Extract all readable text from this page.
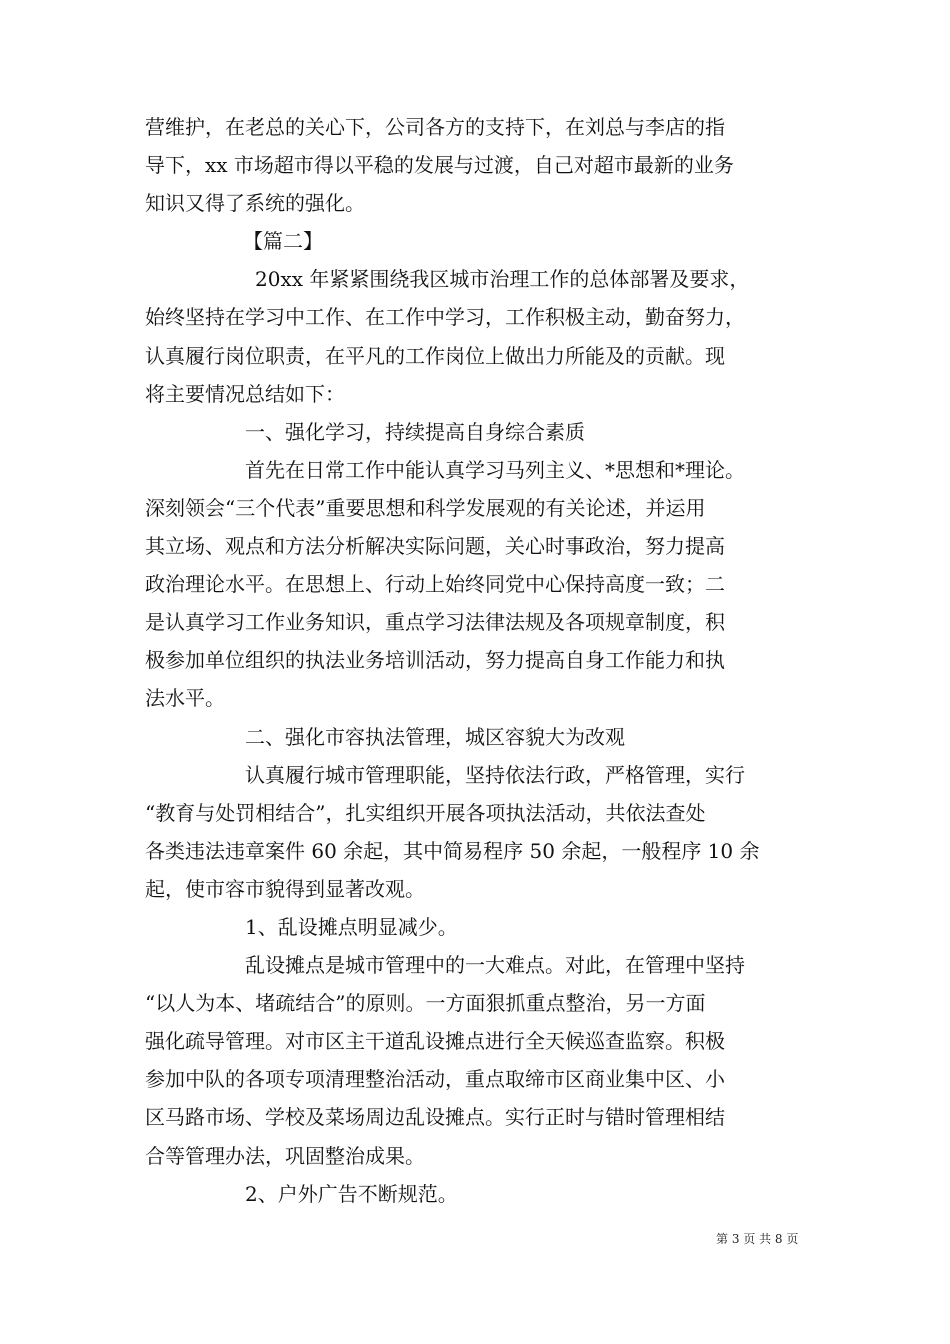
营维护，在老总的关心下，公司各方的支持下，在刘总与李店的指
导下，xx 市场超市得以平稳的发展与过渡，自己对超市最新的业务
知识又得了系统的强化。
【篇二】
20xx 年紧紧围绕我区城市治理工作的总体部署及要求，
始终坚持在学习中工作、在工作中学习，工作积极主动，勤奋努力，
认真履行岗位职责，在平凡的工作岗位上做出力所能及的贡献。现
将主要情况总结如下：
一、强化学习，持续提高自身综合素质
首先在日常工作中能认真学习马列主义、*思想和*理论。
深刻领会“三个代表”重要思想和科学发展观的有关论述，并运用
其立场、观点和方法分析解决实际问题，关心时事政治，努力提高
政治理论水平。在思想上、行动上始终同党中心保持高度一致；二
是认真学习工作业务知识，重点学习法律法规及各项规章制度，积
极参加单位组织的执法业务培训活动，努力提高自身工作能力和执
法水平。
二、强化市容执法管理，城区容貌大为改观
认真履行城市管理职能，坚持依法行政，严格管理，实行
“教育与处罚相结合”，扎实组织开展各项执法活动，共依法查处
各类违法违章案件 60 余起，其中简易程序 50 余起，一般程序 10 余
起，使市容市貌得到显著改观。
1、乱设摊点明显减少。
乱设摊点是城市管理中的一大难点。对此，在管理中坚持
“以人为本、堵疏结合”的原则。一方面狠抓重点整治，另一方面
强化疏导管理。对市区主干道乱设摊点进行全天候巡查监察。积极
参加中队的各项专项清理整治活动，重点取缔市区商业集中区、小
区马路市场、学校及菜场周边乱设摊点。实行正时与错时管理相结
合等管理办法，巩固整治成果。
2、户外广告不断规范。
第 3 页 共 8 页
